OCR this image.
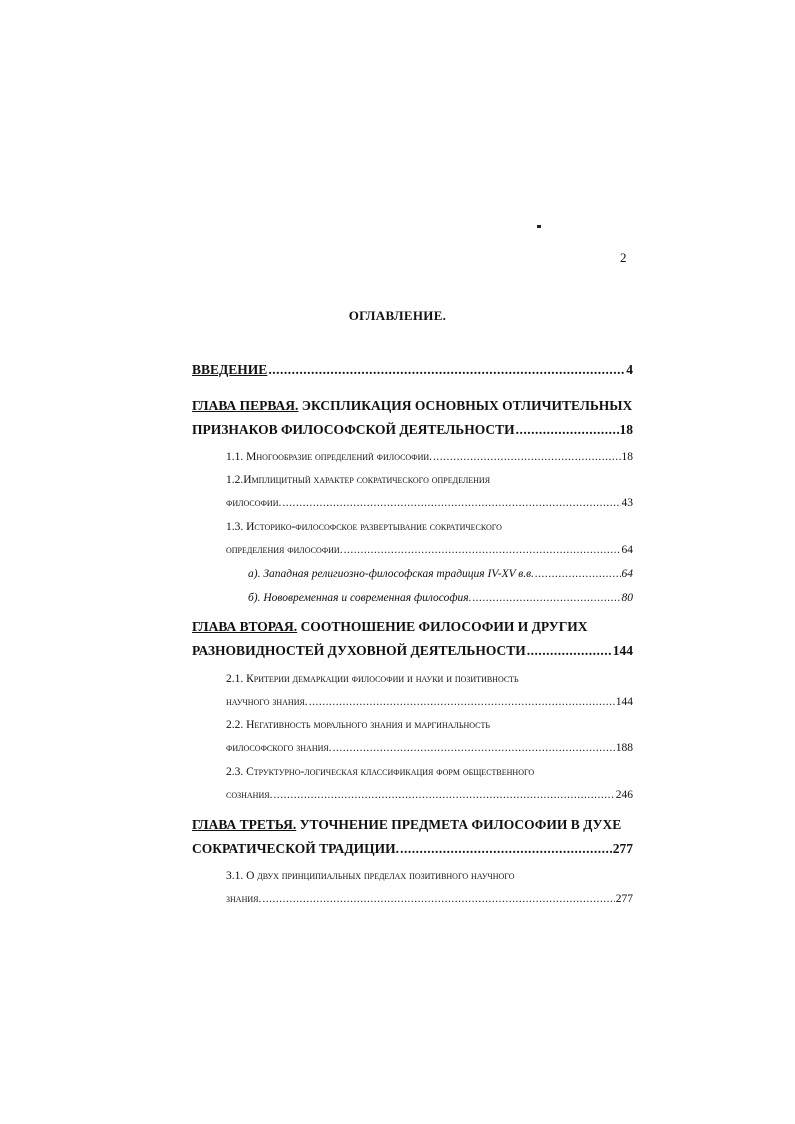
2
ОГЛАВЛЕНИЕ.
ВВЕДЕНИЕ .....	4
ГЛАВА ПЕРВАЯ. ЭКСПЛИКАЦИЯ ОСНОВНЫХ ОТЛИЧИТЕЛЬНЫХ
ПРИЗНАКОВ ФИЛОСОФСКОЙ ДЕЯТЕЛЬНОСТИ .....	18
1.1. Многообразие определений философии. .....	18
1.2.Имплицитный характер сократического определения
философии. .....	43
1.3. Историко-философское развертывание сократического
определения философии. .....	64
а). Западная религиозно-философская традиция IV-XV в.в. .....	64
б). Нововременная и современная философия. .....	80
ГЛАВА ВТОРАЯ. СООТНОШЕНИЕ ФИЛОСОФИИ И ДРУГИХ
РАЗНОВИДНОСТЕЙ ДУХОВНОЙ ДЕЯТЕЛЬНОСТИ .....	144
2.1. Критерии демаркации философии и науки и позитивность
научного знания. .....	144
2.2. Негативность морального знания и маргинальность
философского знания. .....	188
2.3. Структурно-логическая классификация форм общественного
сознания. .....	246
ГЛАВА ТРЕТЬЯ. УТОЧНЕНИЕ ПРЕДМЕТА ФИЛОСОФИИ В ДУХЕ
СОКРАТИЧЕСКОЙ ТРАДИЦИИ. .....	277
3.1. О двух принципиальных пределах позитивного научного
знания. .....	277
